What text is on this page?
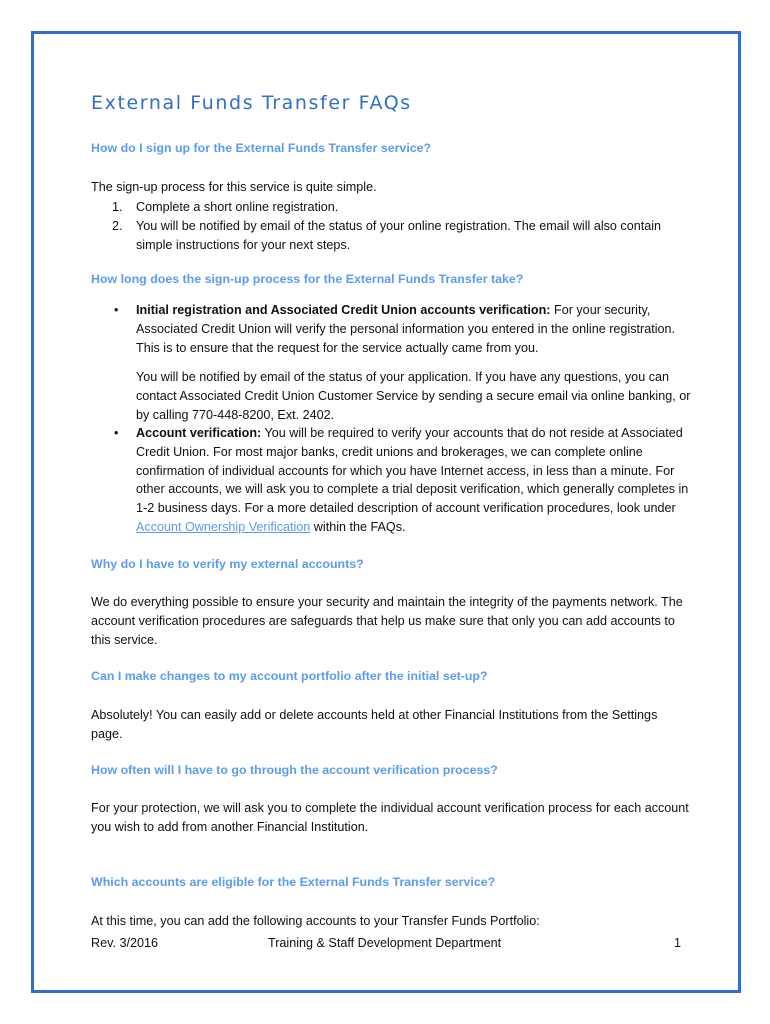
External Funds Transfer FAQs

How do I sign up for the External Funds Transfer service?

The sign-up process for this service is quite simple.

1. Complete a short online registration.
2. You will be notified by email of the status of your online registration. The email will also contain simple instructions for your next steps.

How long does the sign-up process for the External Funds Transfer take?

• Initial registration and Associated Credit Union accounts verification: For your security, Associated Credit Union will verify the personal information you entered in the online registration. This is to ensure that the request for the service actually came from you.

You will be notified by email of the status of your application. If you have any questions, you can contact Associated Credit Union Customer Service by sending a secure email via online banking, or by calling 770-448-8200, Ext. 2402.

• Account verification: You will be required to verify your accounts that do not reside at Associated Credit Union. For most major banks, credit unions and brokerages, we can complete online confirmation of individual accounts for which you have Internet access, in less than a minute. For other accounts, we will ask you to complete a trial deposit verification, which generally completes in 1-2 business days. For a more detailed description of account verification procedures, look under Account Ownership Verification within the FAQs.

Why do I have to verify my external accounts?

We do everything possible to ensure your security and maintain the integrity of the payments network. The account verification procedures are safeguards that help us make sure that only you can add accounts to this service.

Can I make changes to my account portfolio after the initial set-up?

Absolutely! You can easily add or delete accounts held at other Financial Institutions from the Settings page.

How often will I have to go through the account verification process?

For your protection, we will ask you to complete the individual account verification process for each account you wish to add from another Financial Institution.

Which accounts are eligible for the External Funds Transfer service?

At this time, you can add the following accounts to your Transfer Funds Portfolio:

Rev. 3/2016	Training & Staff Development Department	1
